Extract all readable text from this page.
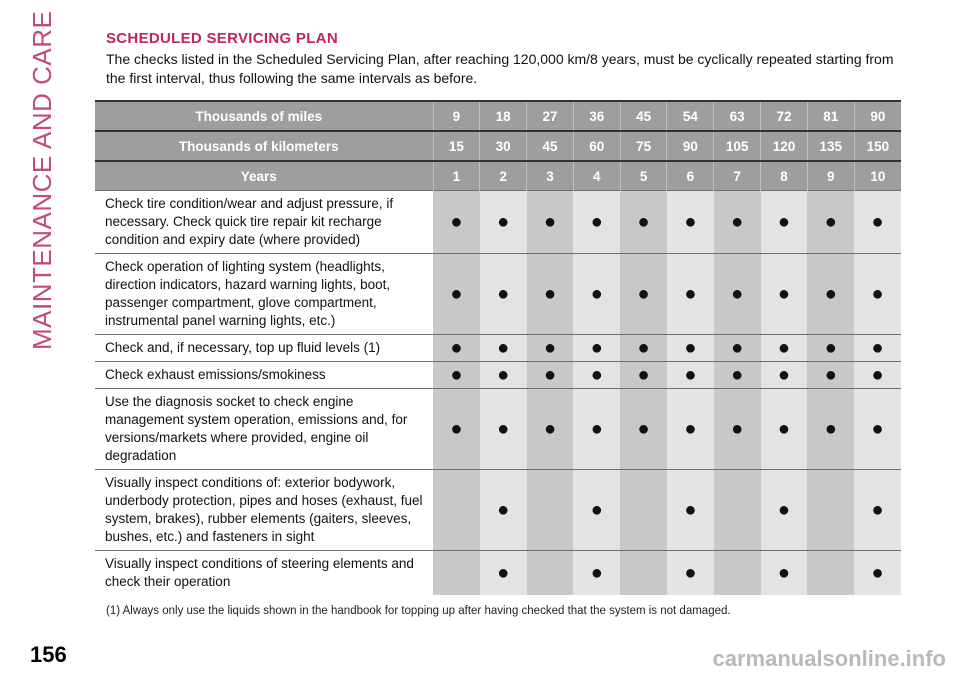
MAINTENANCE AND CARE	SCHEDULED SERVICING PLAN
The checks listed in the Scheduled Servicing Plan, after reaching 120,000 km/8 years, must be cyclically repeated starting from the first interval, thus following the same intervals as before.
Thousands of miles	9	18	27	36	45	54	63	72	81	90
Thousands of kilometers	15	30	45	60	75	90	105	120	135	150
Years	1	2	3	4	5	6	7	8	9	10
Check tire condition/wear and adjust pressure, if necessary. Check quick tire repair kit recharge condition and expiry date (where provided)	●	●	●	●	●	●	●	●	●	●
Check operation of lighting system (headlights, direction indicators, hazard warning lights, boot, passenger compartment, glove compartment, instrumental panel warning lights, etc.)	●	●	●	●	●	●	●	●	●	●
Check and, if necessary, top up fluid levels (1)	●	●	●	●	●	●	●	●	●	●
Check exhaust emissions/smokiness	●	●	●	●	●	●	●	●	●	●
Use the diagnosis socket to check engine management system operation, emissions and, for versions/markets where provided, engine oil degradation	●	●	●	●	●	●	●	●	●	●
Visually inspect conditions of: exterior bodywork, underbody protection, pipes and hoses (exhaust, fuel system, brakes), rubber elements (gaiters, sleeves, bushes, etc.) and fasteners in sight		●		●		●		●		●
Visually inspect conditions of steering elements and check their operation		●		●		●		●		●
(1) Always only use the liquids shown in the handbook for topping up after having checked that the system is not damaged.
156	carmanualsonline.info
